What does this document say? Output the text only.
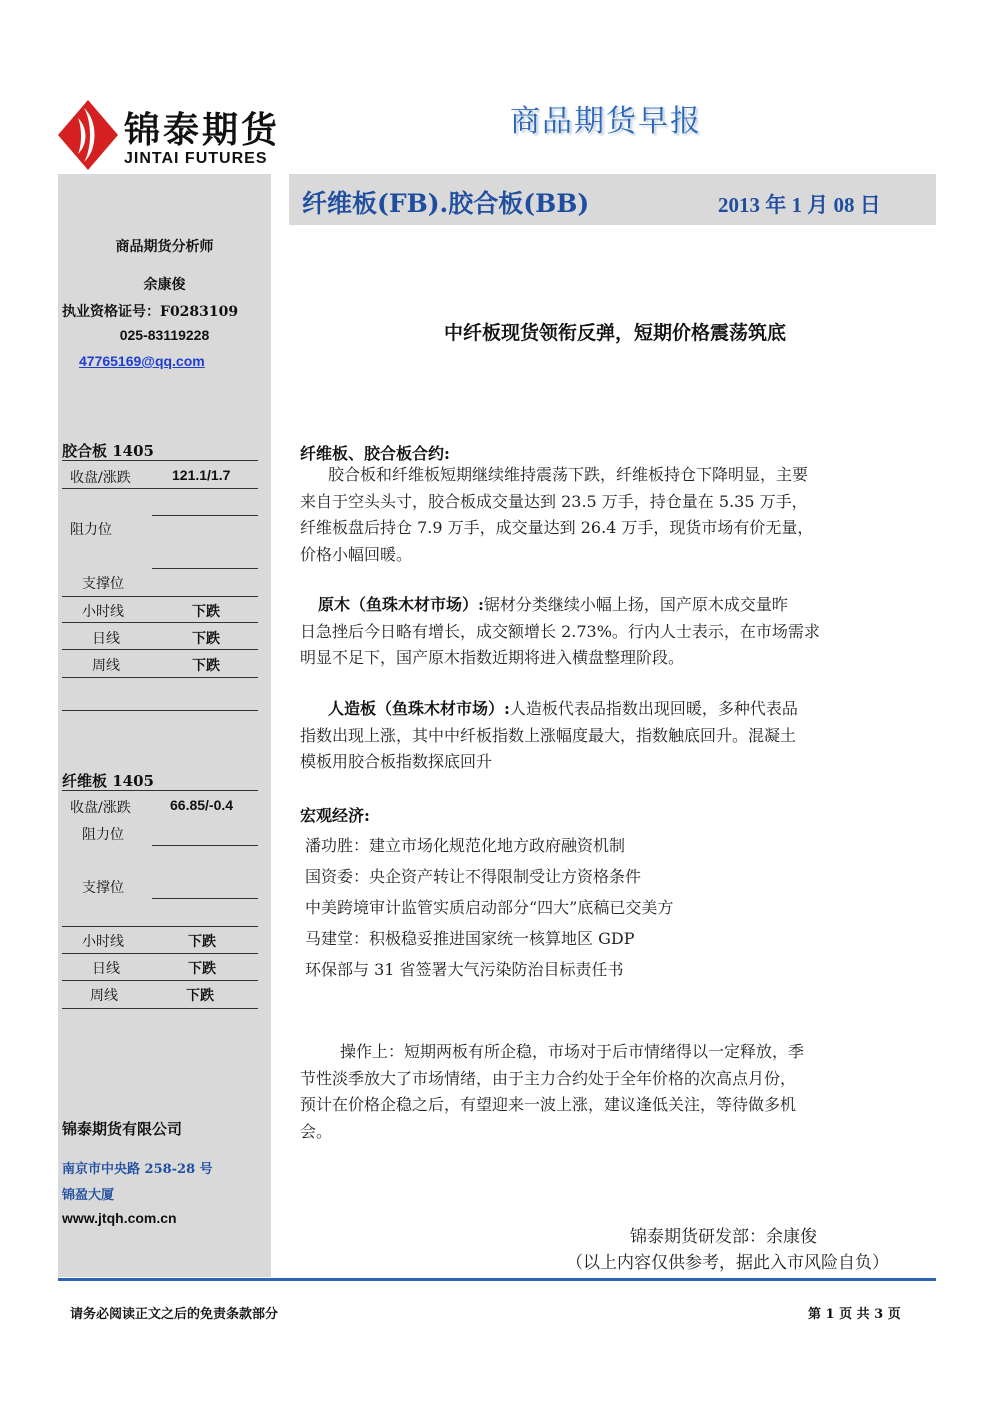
锦泰期货
JINTAI FUTURES
商品期货早报
纤维板(FB).胶合板(BB)	2013 年 1 月 08 日
商品期货分析师
余康俊
执业资格证号：F0283109
025-83119228
47765169@qq.com
胶合板 1405
收盘/涨跌	121.1/1.7
阻力位
支撑位
小时线	下跌
日线	下跌
周线	下跌
纤维板 1405
收盘/涨跌	66.85/-0.4
阻力位
支撑位
小时线	下跌
日线	下跌
周线	下跌
锦泰期货有限公司
南京市中央路 258-28 号
锦盈大厦
www.jtqh.com.cn
中纤板现货领衔反弹，短期价格震荡筑底
纤维板、胶合板合约:
胶合板和纤维板短期继续维持震荡下跌，纤维板持仓下降明显，主要
来自于空头头寸，胶合板成交量达到 23.5 万手，持仓量在 5.35 万手，
纤维板盘后持仓 7.9 万手，成交量达到 26.4 万手，现货市场有价无量，
价格小幅回暖。
原木（鱼珠木材市场）:锯材分类继续小幅上扬，国产原木成交量昨
日急挫后今日略有增长，成交额增长 2.73%。行内人士表示，在市场需求
明显不足下，国产原木指数近期将进入横盘整理阶段。
人造板（鱼珠木材市场）:人造板代表品指数出现回暖，多种代表品
指数出现上涨，其中中纤板指数上涨幅度最大，指数触底回升。混凝土
模板用胶合板指数探底回升
宏观经济:
潘功胜：建立市场化规范化地方政府融资机制
国资委：央企资产转让不得限制受让方资格条件
中美跨境审计监管实质启动部分“四大”底稿已交美方
马建堂：积极稳妥推进国家统一核算地区 GDP
环保部与 31 省签署大气污染防治目标责任书
操作上：短期两板有所企稳，市场对于后市情绪得以一定释放，季
节性淡季放大了市场情绪，由于主力合约处于全年价格的次高点月份，
预计在价格企稳之后，有望迎来一波上涨，建议逢低关注，等待做多机
会。
锦泰期货研发部：余康俊
（以上内容仅供参考，据此入市风险自负）
请务必阅读正文之后的免责条款部分	第 1 页 共 3 页
